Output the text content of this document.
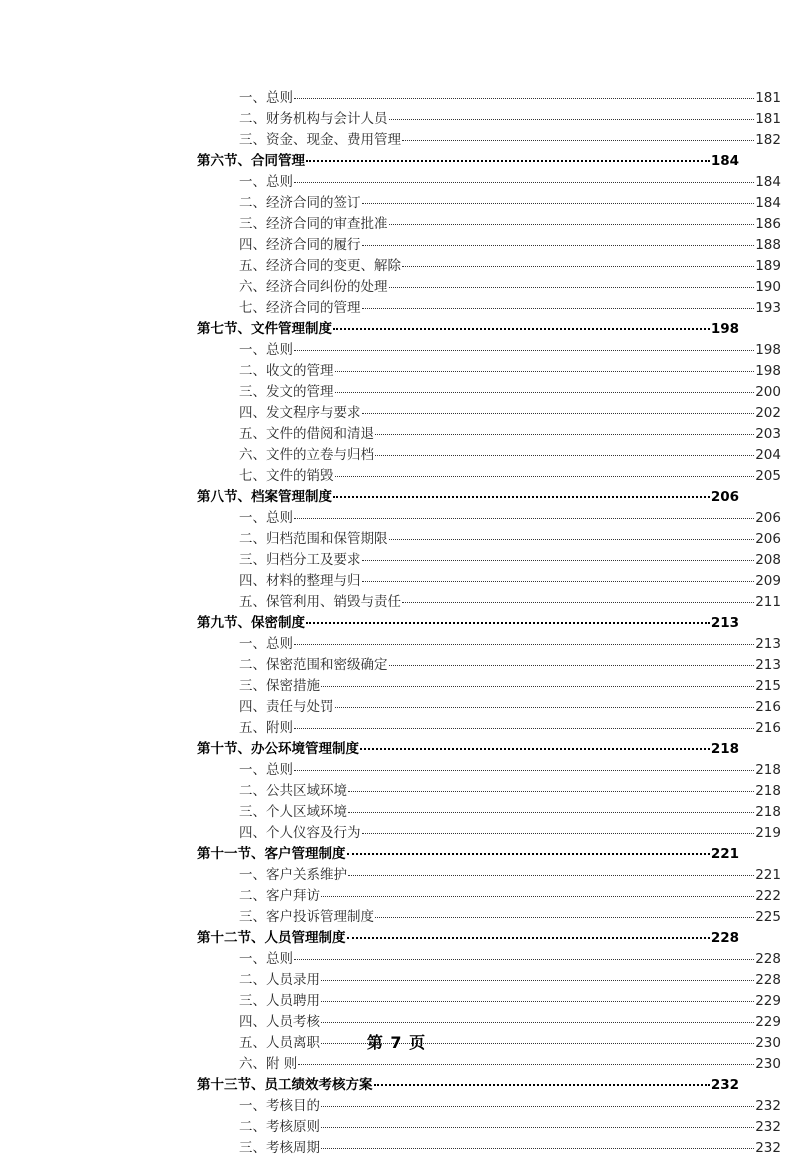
一、总则	181
二、财务机构与会计人员	181
三、资金、现金、费用管理	182
第六节、合同管理	184
一、总则	184
二、经济合同的签订	184
三、经济合同的审查批准	186
四、经济合同的履行	188
五、经济合同的变更、解除	189
六、经济合同纠份的处理	190
七、经济合同的管理	193
第七节、文件管理制度	198
一、总则	198
二、收文的管理	198
三、发文的管理	200
四、发文程序与要求	202
五、文件的借阅和清退	203
六、文件的立卷与归档	204
七、文件的销毁	205
第八节、档案管理制度	206
一、总则	206
二、归档范围和保管期限	206
三、归档分工及要求	208
四、材料的整理与归	209
五、保管利用、销毁与责任	211
第九节、保密制度	213
一、总则	213
二、保密范围和密级确定	213
三、保密措施	215
四、责任与处罚	216
五、附则	216
第十节、办公环境管理制度	218
一、总则	218
二、公共区域环境	218
三、个人区域环境	218
四、个人仪容及行为	219
第十一节、客户管理制度	221
一、客户关系维护	221
二、客户拜访	222
三、客户投诉管理制度	225
第十二节、人员管理制度	228
一、总则	228
二、人员录用	228
三、人员聘用	229
四、人员考核	229
五、人员离职	230
六、附 则	230
第十三节、员工绩效考核方案	232
一、考核目的	232
二、考核原则	232
三、考核周期	232
第 7 页
